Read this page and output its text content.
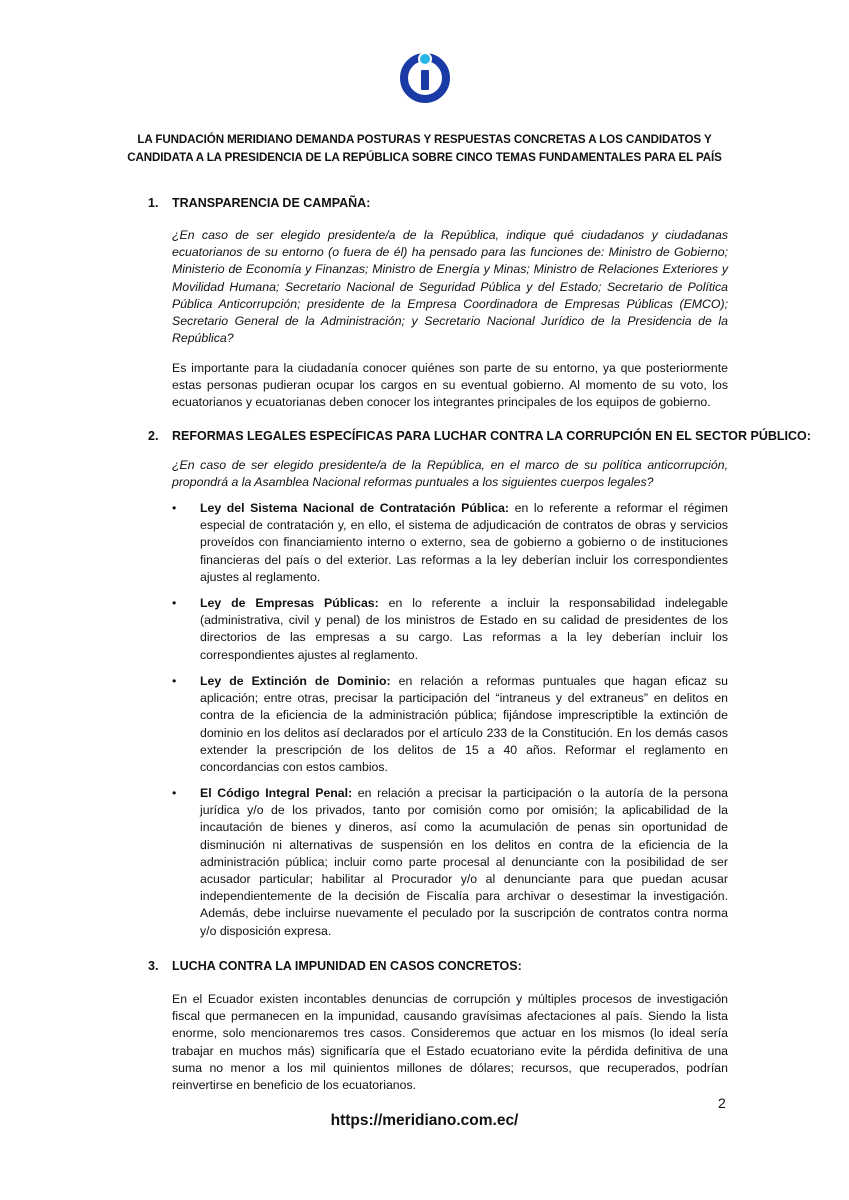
LA FUNDACIÓN MERIDIANO DEMANDA POSTURAS Y RESPUESTAS CONCRETAS A LOS CANDIDATOS Y
CANDIDATA A LA PRESIDENCIA DE LA REPÚBLICA SOBRE CINCO TEMAS FUNDAMENTALES PARA EL PAÍS
1. TRANSPARENCIA DE CAMPAÑA:
¿En caso de ser elegido presidente/a de la República, indique qué ciudadanos y ciudadanas ecuatorianos de su entorno (o fuera de él) ha pensado para las funciones de: Ministro de Gobierno; Ministerio de Economía y Finanzas; Ministro de Energía y Minas; Ministro de Relaciones Exteriores y Movilidad Humana; Secretario Nacional de Seguridad Pública y del Estado; Secretario de Política Pública Anticorrupción; presidente de la Empresa Coordinadora de Empresas Públicas (EMCO); Secretario General de la Administración; y Secretario Nacional Jurídico de la Presidencia de la República?
Es importante para la ciudadanía conocer quiénes son parte de su entorno, ya que posteriormente estas personas pudieran ocupar los cargos en su eventual gobierno. Al momento de su voto, los ecuatorianos y ecuatorianas deben conocer los integrantes principales de los equipos de gobierno.
2. REFORMAS LEGALES ESPECÍFICAS PARA LUCHAR CONTRA LA CORRUPCIÓN EN EL SECTOR PÚBLICO:
¿En caso de ser elegido presidente/a de la República, en el marco de su política anticorrupción, propondrá a la Asamblea Nacional reformas puntuales a los siguientes cuerpos legales?
•	Ley del Sistema Nacional de Contratación Pública: en lo referente a reformar el régimen especial de contratación y, en ello, el sistema de adjudicación de contratos de obras y servicios proveídos con financiamiento interno o externo, sea de gobierno a gobierno o de instituciones financieras del país o del exterior. Las reformas a la ley deberían incluir los correspondientes ajustes al reglamento.
•	Ley de Empresas Públicas: en lo referente a incluir la responsabilidad indelegable (administrativa, civil y penal) de los ministros de Estado en su calidad de presidentes de los directorios de las empresas a su cargo. Las reformas a la ley deberían incluir los correspondientes ajustes al reglamento.
•	Ley de Extinción de Dominio: en relación a reformas puntuales que hagan eficaz su aplicación; entre otras, precisar la participación del “intraneus y del extraneus” en delitos en contra de la eficiencia de la administración pública; fijándose imprescriptible la extinción de dominio en los delitos así declarados por el artículo 233 de la Constitución. En los demás casos extender la prescripción de los delitos de 15 a 40 años. Reformar el reglamento en concordancias con estos cambios.
•	El Código Integral Penal: en relación a precisar la participación o la autoría de la persona jurídica y/o de los privados, tanto por comisión como por omisión; la aplicabilidad de la incautación de bienes y dineros, así como la acumulación de penas sin oportunidad de disminución ni alternativas de suspensión en los delitos en contra de la eficiencia de la administración pública; incluir como parte procesal al denunciante con la posibilidad de ser acusador particular; habilitar al Procurador y/o al denunciante para que puedan acusar independientemente de la decisión de Fiscalía para archivar o desestimar la investigación. Además, debe incluirse nuevamente el peculado por la suscripción de contratos contra norma y/o disposición expresa.
3. LUCHA CONTRA LA IMPUNIDAD EN CASOS CONCRETOS:
En el Ecuador existen incontables denuncias de corrupción y múltiples procesos de investigación fiscal que permanecen en la impunidad, causando gravísimas afectaciones al país. Siendo la lista enorme, solo mencionaremos tres casos. Consideremos que actuar en los mismos (lo ideal sería trabajar en muchos más) significaría que el Estado ecuatoriano evite la pérdida definitiva de una suma no menor a los mil quinientos millones de dólares; recursos, que recuperados, podrían reinvertirse en beneficio de los ecuatorianos.
2
https://meridiano.com.ec/
